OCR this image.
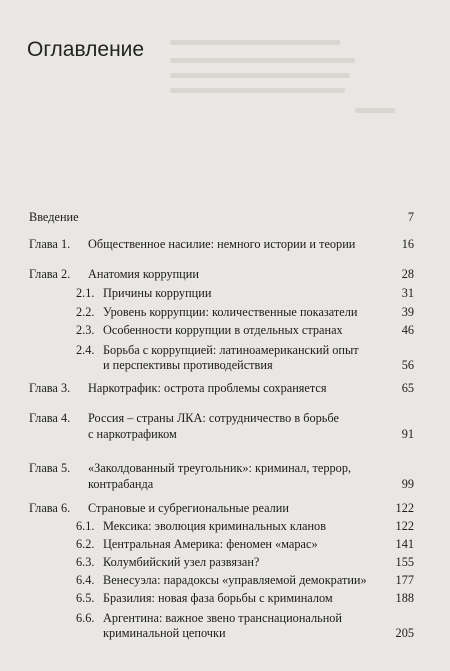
Оглавление
Введение	7
Глава 1. Общественное насилие: немного истории и теории	16
Глава 2. Анатомия коррупции	28
2.1. Причины коррупции	31
2.2. Уровень коррупции: количественные показатели	39
2.3. Особенности коррупции в отдельных странах	46
2.4. Борьба с коррупцией: латиноамериканский опыт
и перспективы противодействия	56
Глава 3. Наркотрафик: острота проблемы сохраняется	65
Глава 4. Россия – страны ЛКА: сотрудничество в борьбе
с наркотрафиком	91
Глава 5. «Заколдованный треугольник»: криминал, террор,
контрабанда	99
Глава 6. Страновые и субрегиональные реалии	122
6.1. Мексика: эволюция криминальных кланов	122
6.2. Центральная Америка: феномен «марас»	141
6.3. Колумбийский узел развязан?	155
6.4. Венесуэла: парадоксы «управляемой демократии» 177
6.5. Бразилия: новая фаза борьбы с криминалом	188
6.6. Аргентина: важное звено транснациональной
криминальной цепочки	205
